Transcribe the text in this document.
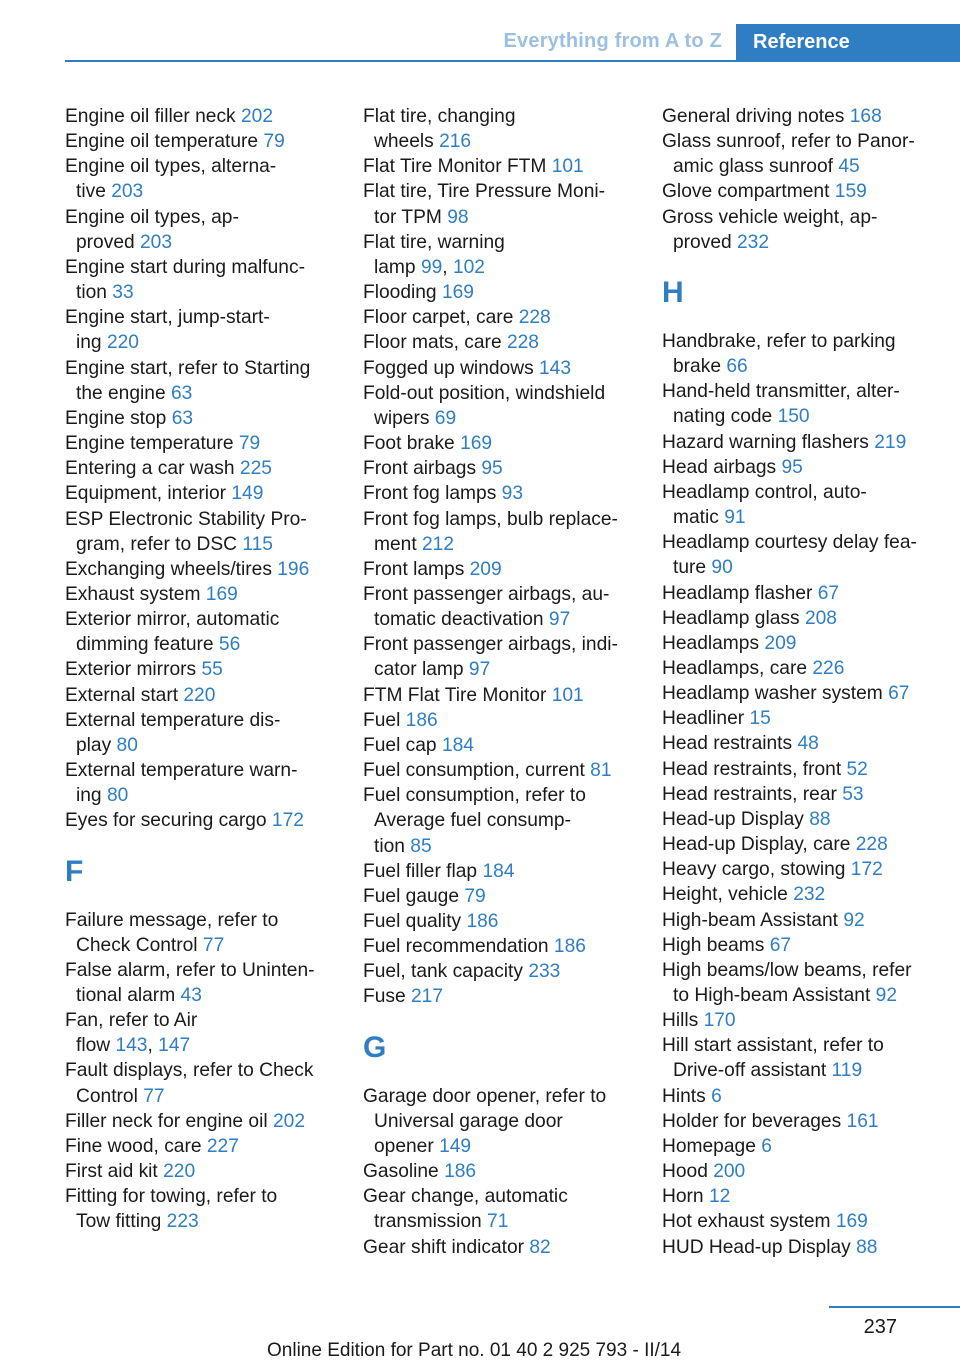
Everything from A to Z	Reference
Engine oil filler neck 202
Engine oil temperature 79
Engine oil types, alterna-
tive 203
Engine oil types, ap-
proved 203
Engine start during malfunc-
tion 33
Engine start, jump-start-
ing 220
Engine start, refer to Starting
the engine 63
Engine stop 63
Engine temperature 79
Entering a car wash 225
Equipment, interior 149
ESP Electronic Stability Pro-
gram, refer to DSC 115
Exchanging wheels/tires 196
Exhaust system 169
Exterior mirror, automatic
dimming feature 56
Exterior mirrors 55
External start 220
External temperature dis-
play 80
External temperature warn-
ing 80
Eyes for securing cargo 172
F
Failure message, refer to
Check Control 77
False alarm, refer to Uninten-
tional alarm 43
Fan, refer to Air
flow 143, 147
Fault displays, refer to Check
Control 77
Filler neck for engine oil 202
Fine wood, care 227
First aid kit 220
Fitting for towing, refer to
Tow fitting 223
Flat tire, changing
wheels 216
Flat Tire Monitor FTM 101
Flat tire, Tire Pressure Moni-
tor TPM 98
Flat tire, warning
lamp 99, 102
Flooding 169
Floor carpet, care 228
Floor mats, care 228
Fogged up windows 143
Fold-out position, windshield
wipers 69
Foot brake 169
Front airbags 95
Front fog lamps 93
Front fog lamps, bulb replace-
ment 212
Front lamps 209
Front passenger airbags, au-
tomatic deactivation 97
Front passenger airbags, indi-
cator lamp 97
FTM Flat Tire Monitor 101
Fuel 186
Fuel cap 184
Fuel consumption, current 81
Fuel consumption, refer to
Average fuel consump-
tion 85
Fuel filler flap 184
Fuel gauge 79
Fuel quality 186
Fuel recommendation 186
Fuel, tank capacity 233
Fuse 217
G
Garage door opener, refer to
Universal garage door
opener 149
Gasoline 186
Gear change, automatic
transmission 71
Gear shift indicator 82
General driving notes 168
Glass sunroof, refer to Panor-
amic glass sunroof 45
Glove compartment 159
Gross vehicle weight, ap-
proved 232
H
Handbrake, refer to parking
brake 66
Hand-held transmitter, alter-
nating code 150
Hazard warning flashers 219
Head airbags 95
Headlamp control, auto-
matic 91
Headlamp courtesy delay fea-
ture 90
Headlamp flasher 67
Headlamp glass 208
Headlamps 209
Headlamps, care 226
Headlamp washer system 67
Headliner 15
Head restraints 48
Head restraints, front 52
Head restraints, rear 53
Head-up Display 88
Head-up Display, care 228
Heavy cargo, stowing 172
Height, vehicle 232
High-beam Assistant 92
High beams 67
High beams/low beams, refer
to High-beam Assistant 92
Hills 170
Hill start assistant, refer to
Drive-off assistant 119
Hints 6
Holder for beverages 161
Homepage 6
Hood 200
Horn 12
Hot exhaust system 169
HUD Head-up Display 88
237
Online Edition for Part no. 01 40 2 925 793 - II/14
